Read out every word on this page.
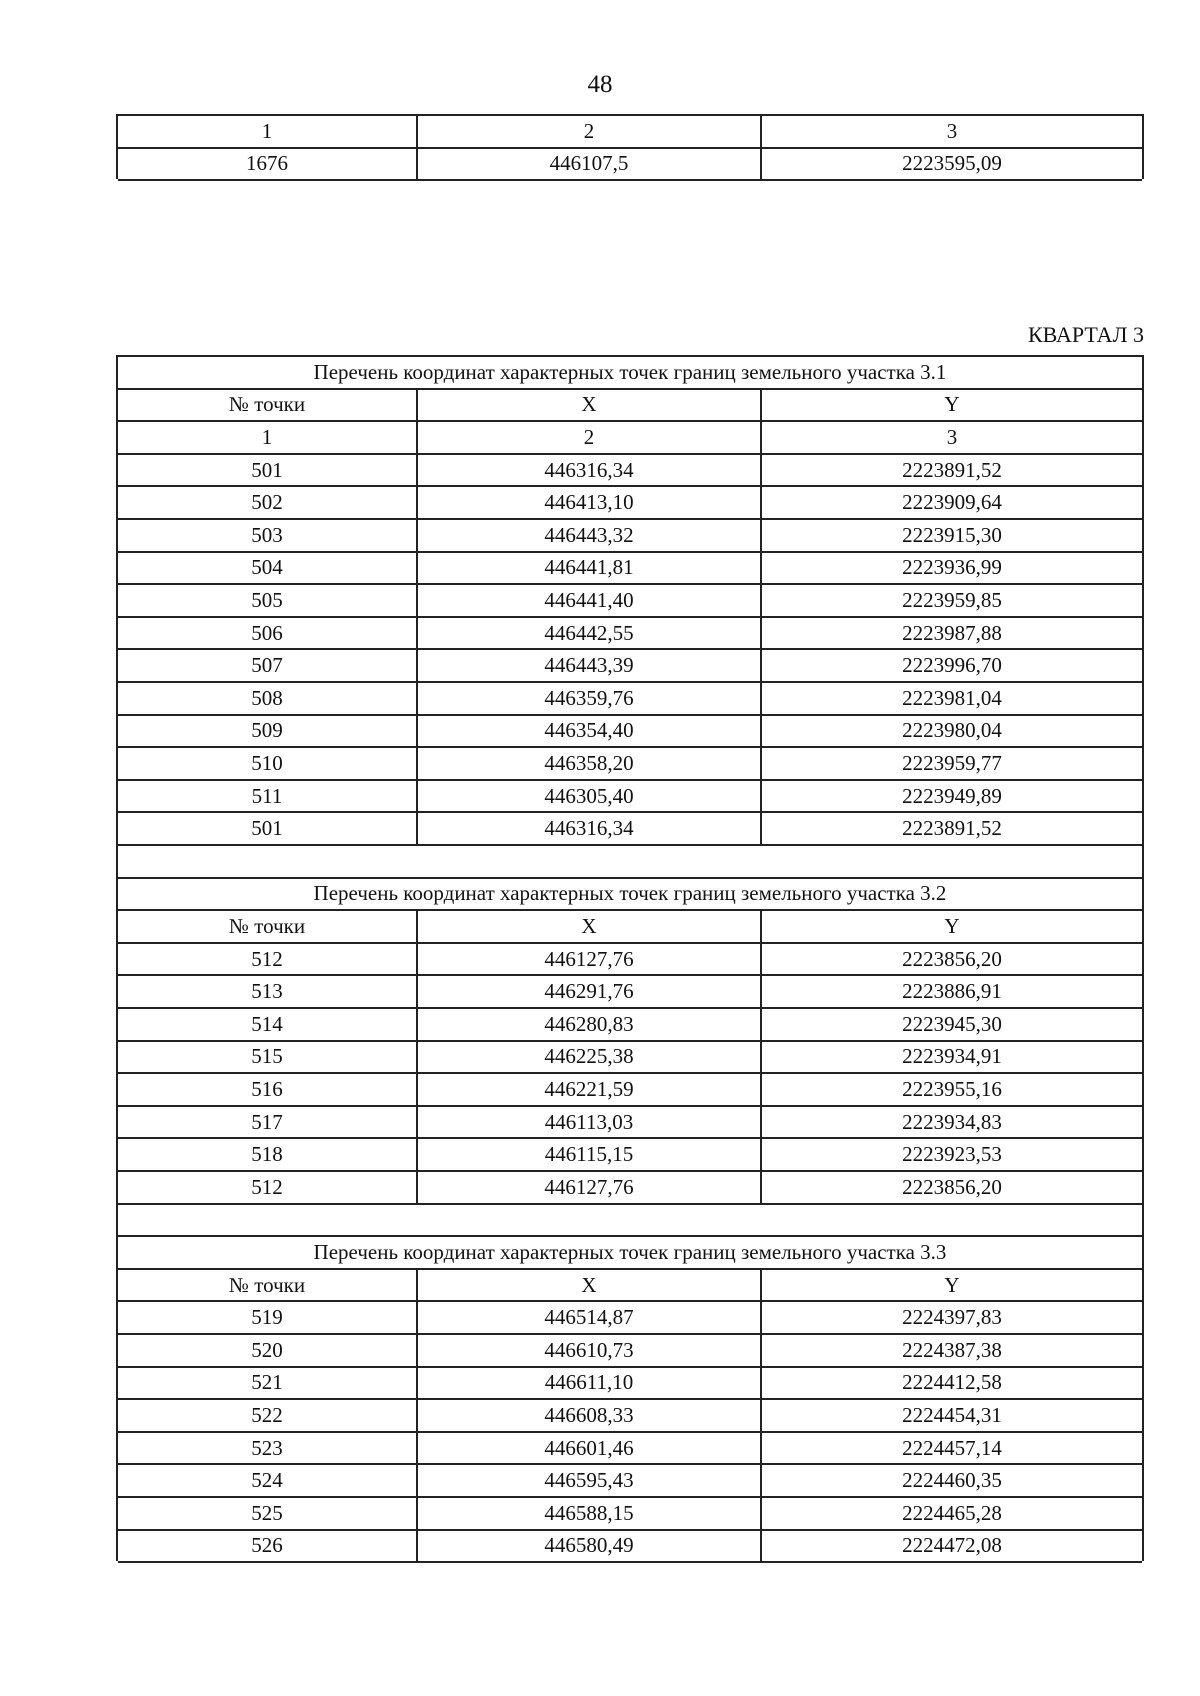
48
1	2	3
1676	446107,5	2223595,09
КВАРТАЛ 3
Перечень координат характерных точек границ земельного участка 3.1
№ точки	X	Y
1	2	3
501	446316,34	2223891,52
502	446413,10	2223909,64
503	446443,32	2223915,30
504	446441,81	2223936,99
505	446441,40	2223959,85
506	446442,55	2223987,88
507	446443,39	2223996,70
508	446359,76	2223981,04
509	446354,40	2223980,04
510	446358,20	2223959,77
511	446305,40	2223949,89
501	446316,34	2223891,52
Перечень координат характерных точек границ земельного участка 3.2
№ точки	X	Y
512	446127,76	2223856,20
513	446291,76	2223886,91
514	446280,83	2223945,30
515	446225,38	2223934,91
516	446221,59	2223955,16
517	446113,03	2223934,83
518	446115,15	2223923,53
512	446127,76	2223856,20
Перечень координат характерных точек границ земельного участка 3.3
№ точки	X	Y
519	446514,87	2224397,83
520	446610,73	2224387,38
521	446611,10	2224412,58
522	446608,33	2224454,31
523	446601,46	2224457,14
524	446595,43	2224460,35
525	446588,15	2224465,28
526	446580,49	2224472,08
